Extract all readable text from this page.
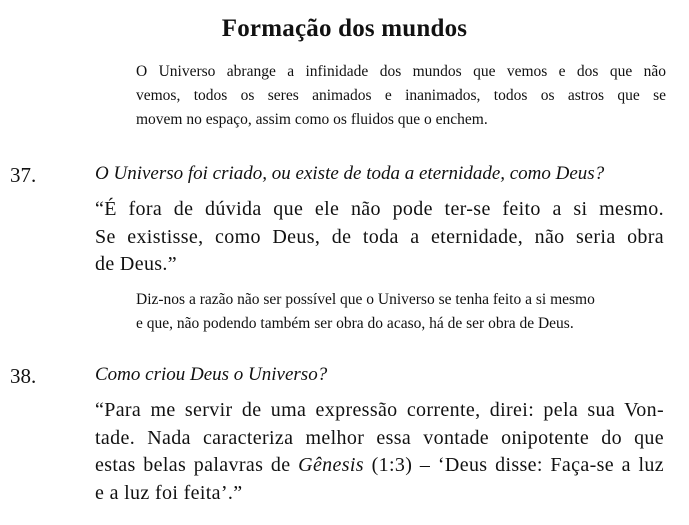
Formação dos mundos
O Universo abrange a infinidade dos mundos que vemos e dos que não
vemos, todos os seres animados e inanimados, todos os astros que se
movem no espaço, assim como os fluidos que o enchem.
37.	O Universo foi criado, ou existe de toda a eternidade, como Deus?
“É fora de dúvida que ele não pode ter-se feito a si mesmo.
Se existisse, como Deus, de toda a eternidade, não seria obra
de Deus.”
Diz-nos a razão não ser possível que o Universo se tenha feito a si mesmo
e que, não podendo também ser obra do acaso, há de ser obra de Deus.
38.	Como criou Deus o Universo?
“Para me servir de uma expressão corrente, direi: pela sua Von-
tade. Nada caracteriza melhor essa vontade onipotente do que
estas belas palavras de Gênesis (1:3) – ‘Deus disse: Faça-se a luz
e a luz foi feita’.”
